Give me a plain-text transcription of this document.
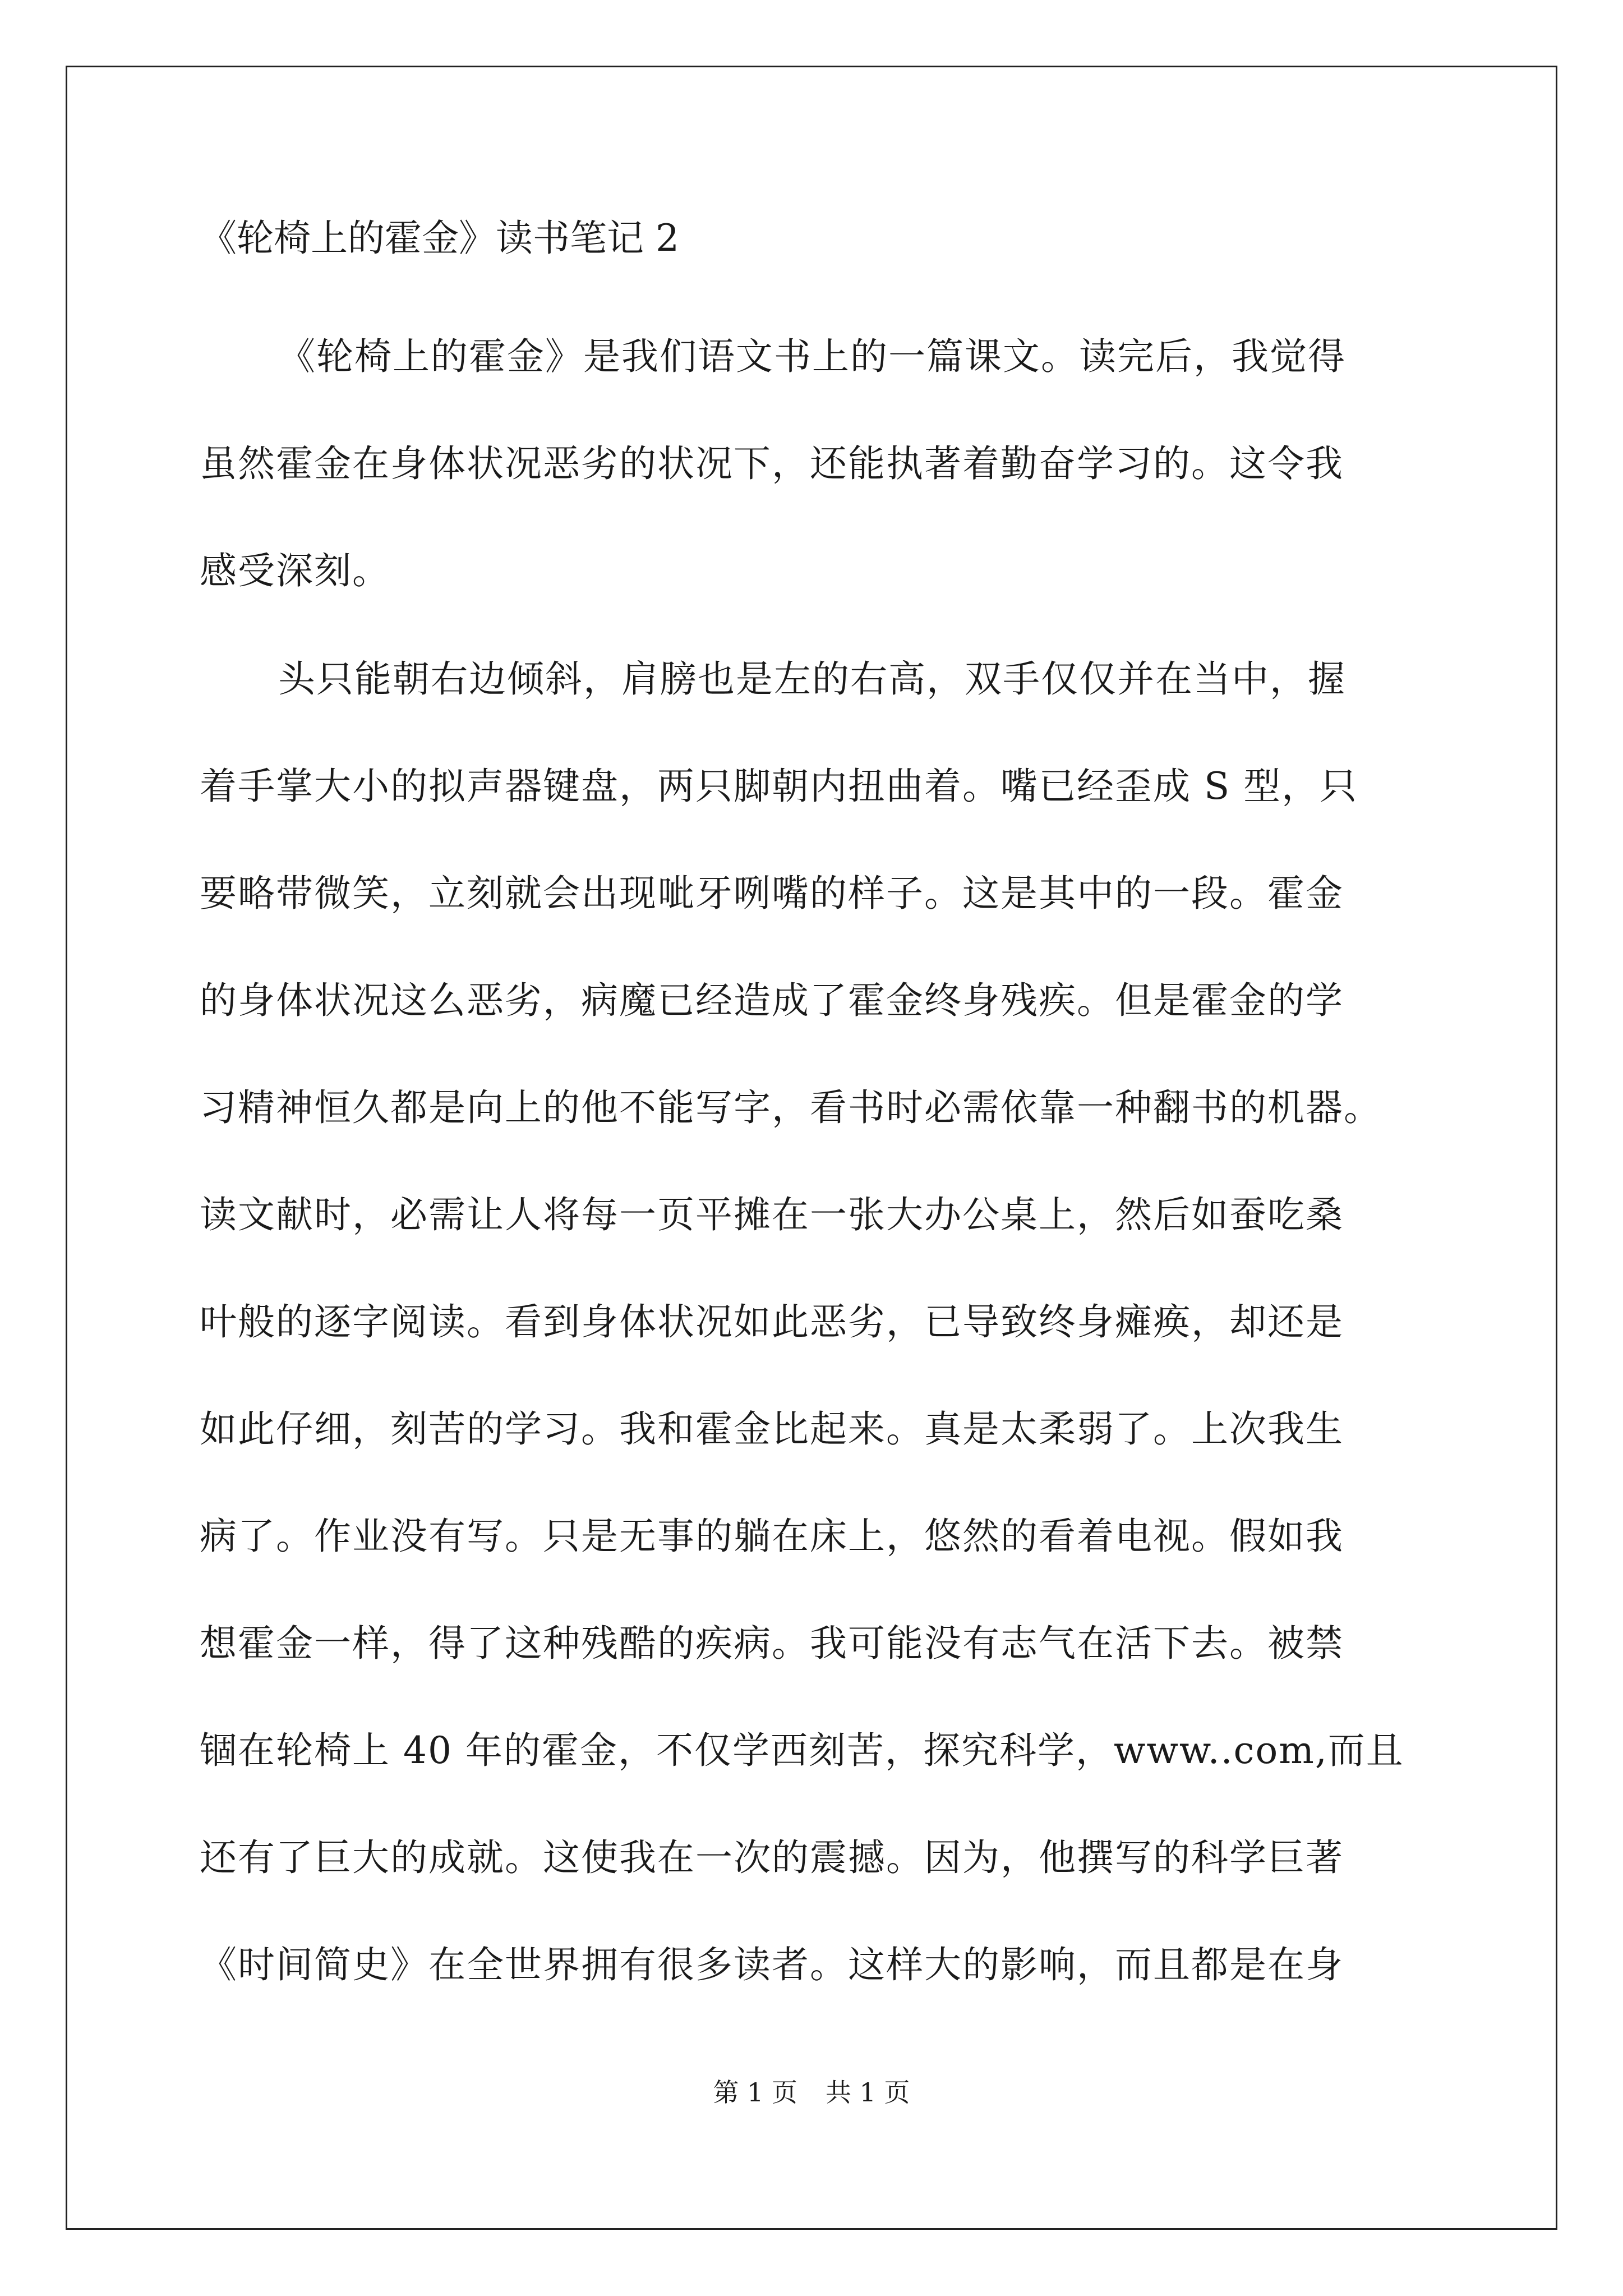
《轮椅上的霍金》读书笔记 2
《轮椅上的霍金》是我们语文书上的一篇课文。读完后，我觉得
虽然霍金在身体状况恶劣的状况下，还能执著着勤奋学习的。这令我
感受深刻。
头只能朝右边倾斜，肩膀也是左的右高，双手仅仅并在当中，握
着手掌大小的拟声器键盘，两只脚朝内扭曲着。嘴已经歪成 S 型，只
要略带微笑，立刻就会出现呲牙咧嘴的样子。这是其中的一段。霍金
的身体状况这么恶劣，病魔已经造成了霍金终身残疾。但是霍金的学
习精神恒久都是向上的他不能写字，看书时必需依靠一种翻书的机器。
读文献时，必需让人将每一页平摊在一张大办公桌上，然后如蚕吃桑
叶般的逐字阅读。看到身体状况如此恶劣，已导致终身瘫痪，却还是
如此仔细，刻苦的学习。我和霍金比起来。真是太柔弱了。上次我生
病了。作业没有写。只是无事的躺在床上，悠然的看着电视。假如我
想霍金一样，得了这种残酷的疾病。我可能没有志气在活下去。被禁
锢在轮椅上 40 年的霍金，不仅学西刻苦，探究科学，www..com,而且
还有了巨大的成就。这使我在一次的震撼。因为，他撰写的科学巨著
《时间简史》在全世界拥有很多读者。这样大的影响，而且都是在身
第 1 页 共 1 页
